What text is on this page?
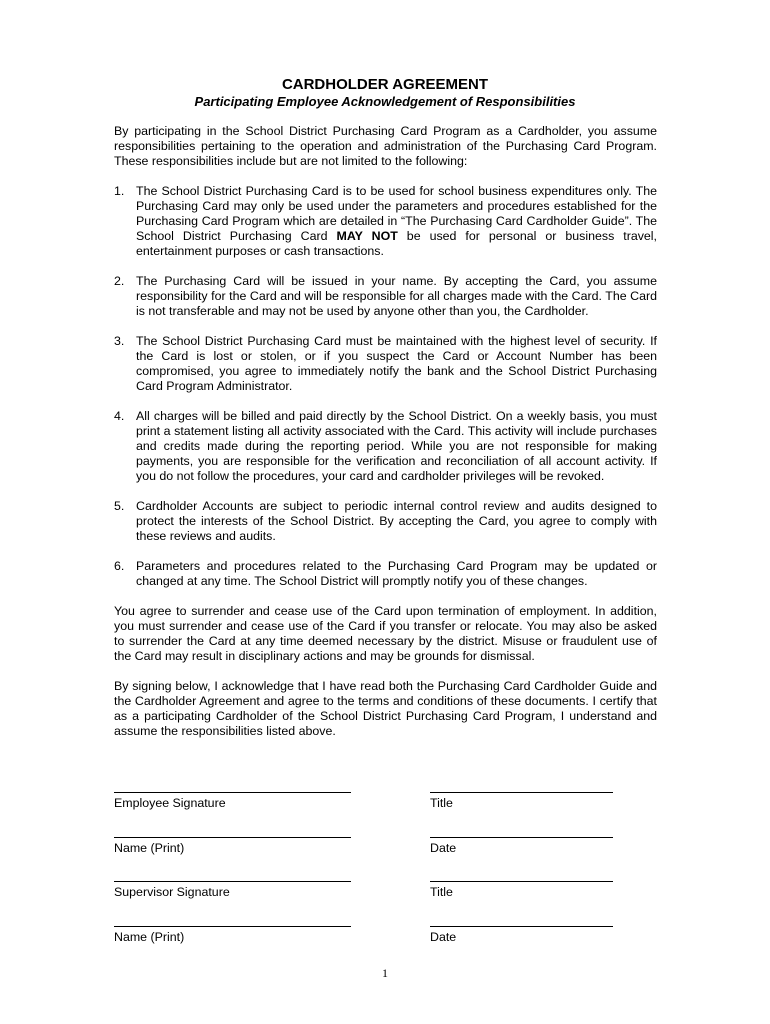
CARDHOLDER AGREEMENT
Participating Employee Acknowledgement of Responsibilities

By participating in the School District Purchasing Card Program as a Cardholder, you assume responsibilities pertaining to the operation and administration of the Purchasing Card Program. These responsibilities include but are not limited to the following:

1. The School District Purchasing Card is to be used for school business expenditures only. The Purchasing Card may only be used under the parameters and procedures established for the Purchasing Card Program which are detailed in “The Purchasing Card Cardholder Guide”. The School District Purchasing Card MAY NOT be used for personal or business travel, entertainment purposes or cash transactions.
2. The Purchasing Card will be issued in your name. By accepting the Card, you assume responsibility for the Card and will be responsible for all charges made with the Card. The Card is not transferable and may not be used by anyone other than you, the Cardholder.
3. The School District Purchasing Card must be maintained with the highest level of security. If the Card is lost or stolen, or if you suspect the Card or Account Number has been compromised, you agree to immediately notify the bank and the School District Purchasing Card Program Administrator.
4. All charges will be billed and paid directly by the School District. On a weekly basis, you must print a statement listing all activity associated with the Card. This activity will include purchases and credits made during the reporting period. While you are not responsible for making payments, you are responsible for the verification and reconciliation of all account activity. If you do not follow the procedures, your card and cardholder privileges will be revoked.
5. Cardholder Accounts are subject to periodic internal control review and audits designed to protect the interests of the School District. By accepting the Card, you agree to comply with these reviews and audits.
6. Parameters and procedures related to the Purchasing Card Program may be updated or changed at any time. The School District will promptly notify you of these changes.

You agree to surrender and cease use of the Card upon termination of employment. In addition, you must surrender and cease use of the Card if you transfer or relocate. You may also be asked to surrender the Card at any time deemed necessary by the district. Misuse or fraudulent use of the Card may result in disciplinary actions and may be grounds for dismissal.

By signing below, I acknowledge that I have read both the Purchasing Card Cardholder Guide and the Cardholder Agreement and agree to the terms and conditions of these documents. I certify that as a participating Cardholder of the School District Purchasing Card Program, I understand and assume the responsibilities listed above.

Employee Signature	Title
Name (Print)	Date
Supervisor Signature	Title
Name (Print)	Date
1
